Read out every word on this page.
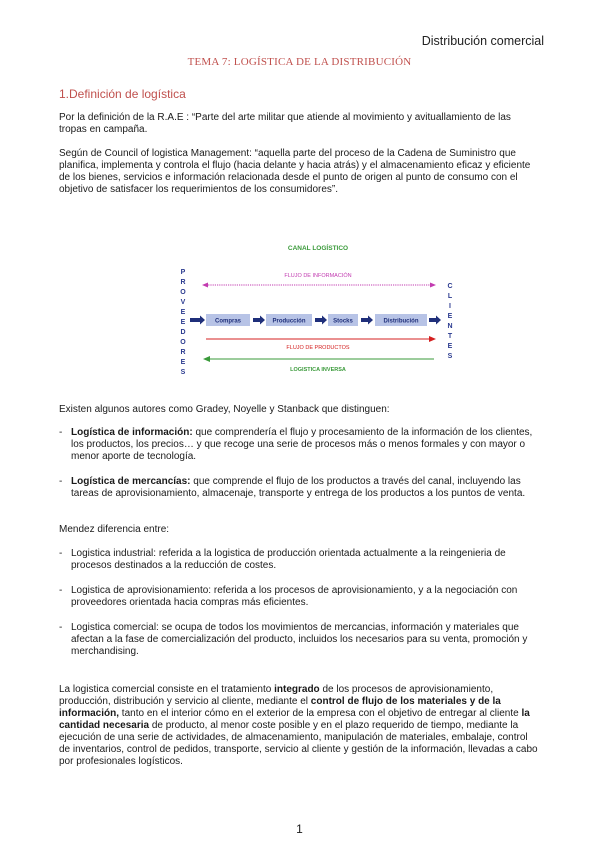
Distribución comercial
TEMA 7: LOGÍSTICA DE LA DISTRIBUCIÓN
1.Definición de logística

Por la definición de la R.A.E : “Parte del arte militar que atiende al movimiento y avituallamiento de las tropas en campaña.

Según de Council of logistica Management: “aquella parte del proceso de la Cadena de Suministro que planifica, implementa y controla el flujo (hacia delante y hacia atrás) y el almacenamiento eficaz y eficiente de los bienes, servicios e información relacionada desde el punto de origen al punto de consumo con el objetivo de satisfacer los requerimientos de los consumidores”.

CANAL LOGÍSTICO
FLUJO DE INFORMACIÓN
P
R
O
V
E
E
D
O
R
E
S
C
L
I
E
N
T
E
S
Compras	Producción	Stocks	Distribución
FLUJO DE PRODUCTOS
LOGISTICA INVERSA

Existen algunos autores como Gradey, Noyelle y Stanback que distinguen:

- Logística de información: que comprendería el flujo y procesamiento de la información de los clientes, los productos, los precios… y que recoge una serie de procesos más o menos formales y con mayor o menor aporte de tecnología.
- Logística de mercancías: que comprende el flujo de los productos a través del canal, incluyendo las tareas de aprovisionamiento, almacenaje, transporte y entrega de los productos a los puntos de venta.

Mendez diferencia entre:

- Logistica industrial: referida a la logistica de producción orientada actualmente a la reingenieria de procesos destinados a la reducción de costes.
- Logistica de aprovisionamiento: referida a los procesos de aprovisionamiento, y a la negociación con proveedores orientada hacia compras más eficientes.
- Logistica comercial: se ocupa de todos los movimientos de mercancias, información y materiales que afectan a la fase de comercialización del producto, incluidos los necesarios para su venta, promoción y merchandising.

La logistica comercial consiste en el tratamiento integrado de los procesos de aprovisionamiento, producción, distribución y servicio al cliente, mediante el control de flujo de los materiales y de la información, tanto en el interior cómo en el exterior de la empresa con el objetivo de entregar al cliente la cantidad necesaria de producto, al menor coste posible y en el plazo requerido de tiempo, mediante la ejecución de una serie de actividades, de almacenamiento, manipulación de materiales, embalaje, control de inventarios, control de pedidos, transporte, servicio al cliente y gestión de la información, llevadas a cabo por profesionales logísticos.

1
